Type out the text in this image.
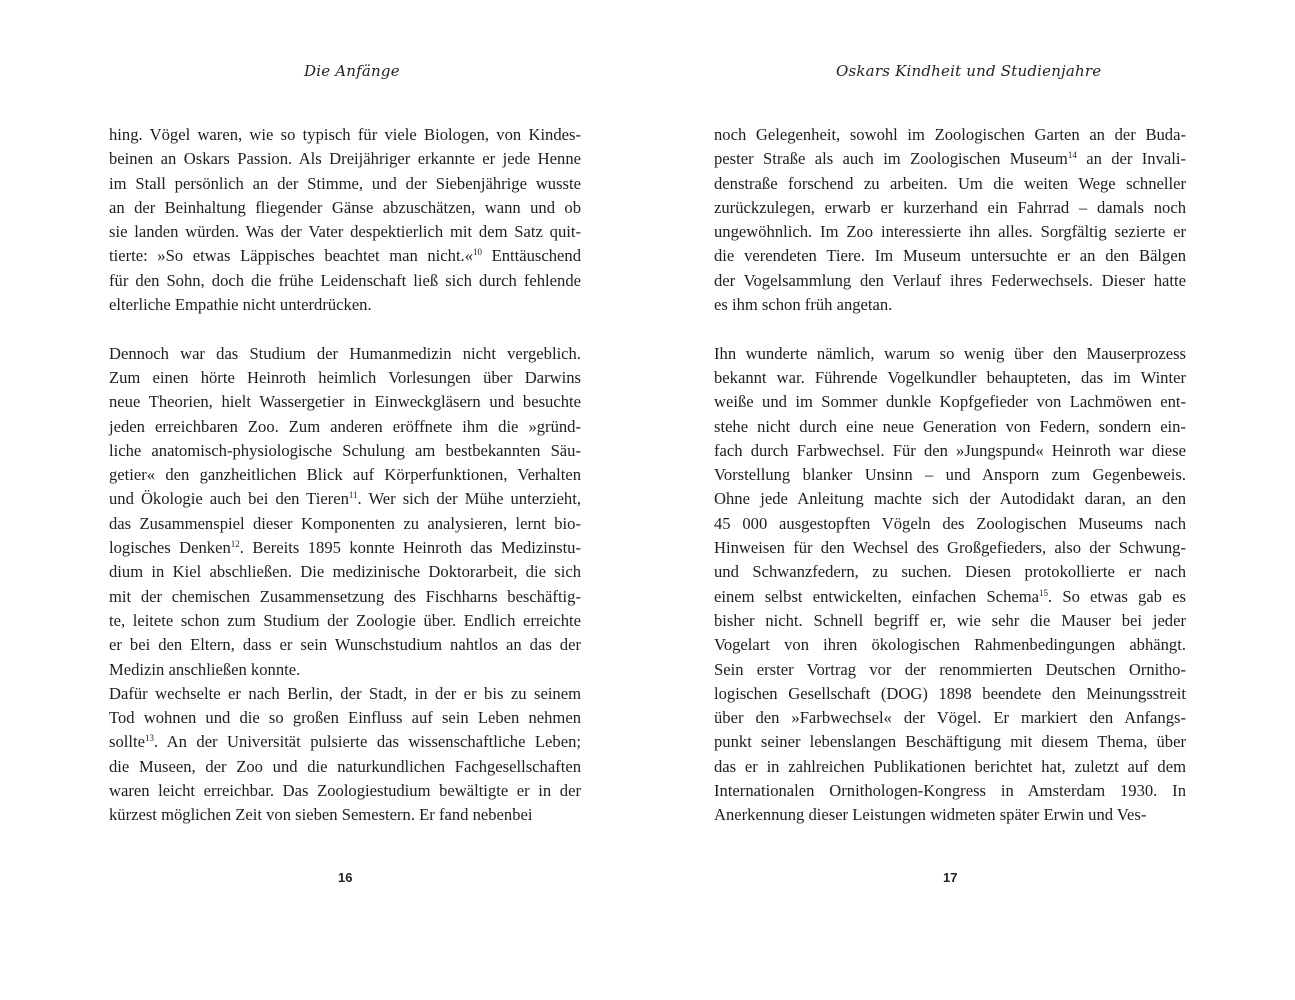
Die Anfänge

hing. Vögel waren, wie so typisch für viele Biologen, von Kindes-
beinen an Oskars Passion. Als Dreijähriger erkannte er jede Henne
im Stall persönlich an der Stimme, und der Siebenjährige wusste
an der Beinhaltung fliegender Gänse abzuschätzen, wann und ob
sie landen würden. Was der Vater despektierlich mit dem Satz quit-
tierte: »So etwas Läppisches beachtet man nicht.«$^{10}$ Enttäuschend
für den Sohn, doch die frühe Leidenschaft ließ sich durch fehlende
elterliche Empathie nicht unterdrücken.

Dennoch war das Studium der Humanmedizin nicht vergeblich.
Zum einen hörte Heinroth heimlich Vorlesungen über Darwins
neue Theorien, hielt Wassergetier in Einweckgläsern und besuchte
jeden erreichbaren Zoo. Zum anderen eröffnete ihm die »gründ-
liche anatomisch-physiologische Schulung am bestbekannten Säu-
getier« den ganzheitlichen Blick auf Körperfunktionen, Verhalten
und Ökologie auch bei den Tieren$^{11}$. Wer sich der Mühe unterzieht,
das Zusammenspiel dieser Komponenten zu analysieren, lernt bio-
logisches Denken$^{12}$. Bereits 1895 konnte Heinroth das Medizinstu-
dium in Kiel abschließen. Die medizinische Doktorarbeit, die sich
mit der chemischen Zusammensetzung des Fischharns beschäftig-
te, leitete schon zum Studium der Zoologie über. Endlich erreichte
er bei den Eltern, dass er sein Wunschstudium nahtlos an das der
Medizin anschließen konnte.

Dafür wechselte er nach Berlin, der Stadt, in der er bis zu seinem
Tod wohnen und die so großen Einfluss auf sein Leben nehmen
sollte$^{13}$. An der Universität pulsierte das wissenschaftliche Leben;
die Museen, der Zoo und die naturkundlichen Fachgesellschaften
waren leicht erreichbar. Das Zoologiestudium bewältigte er in der
kürzest möglichen Zeit von sieben Semestern. Er fand nebenbei

16
Oskars Kindheit und Studienjahre

noch Gelegenheit, sowohl im Zoologischen Garten an der Buda-
pester Straße als auch im Zoologischen Museum$^{14}$ an der Invali-
denstraße forschend zu arbeiten. Um die weiten Wege schneller
zurückzulegen, erwarb er kurzerhand ein Fahrrad – damals noch
ungewöhnlich. Im Zoo interessierte ihn alles. Sorgfältig sezierte er
die verendeten Tiere. Im Museum untersuchte er an den Bälgen
der Vogelsammlung den Verlauf ihres Federwechsels. Dieser hatte
es ihm schon früh angetan.

Ihn wunderte nämlich, warum so wenig über den Mauserprozess
bekannt war. Führende Vogelkundler behaupteten, das im Winter
weiße und im Sommer dunkle Kopfgefieder von Lachmöwen ent-
stehe nicht durch eine neue Generation von Federn, sondern ein-
fach durch Farbwechsel. Für den »Jungspund« Heinroth war diese
Vorstellung blanker Unsinn – und Ansporn zum Gegenbeweis.
Ohne jede Anleitung machte sich der Autodidakt daran, an den
45 000 ausgestopften Vögeln des Zoologischen Museums nach
Hinweisen für den Wechsel des Großgefieders, also der Schwung-
und Schwanzfedern, zu suchen. Diesen protokollierte er nach
einem selbst entwickelten, einfachen Schema$^{15}$. So etwas gab es
bisher nicht. Schnell begriff er, wie sehr die Mauser bei jeder
Vogelart von ihren ökologischen Rahmenbedingungen abhängt.
Sein erster Vortrag vor der renommierten Deutschen Ornitho-
logischen Gesellschaft (DOG) 1898 beendete den Meinungsstreit
über den »Farbwechsel« der Vögel. Er markiert den Anfangs-
punkt seiner lebenslangen Beschäftigung mit diesem Thema, über
das er in zahlreichen Publikationen berichtet hat, zuletzt auf dem
Internationalen Ornithologen-Kongress in Amsterdam 1930. In
Anerkennung dieser Leistungen widmeten später Erwin und Ves-

17
